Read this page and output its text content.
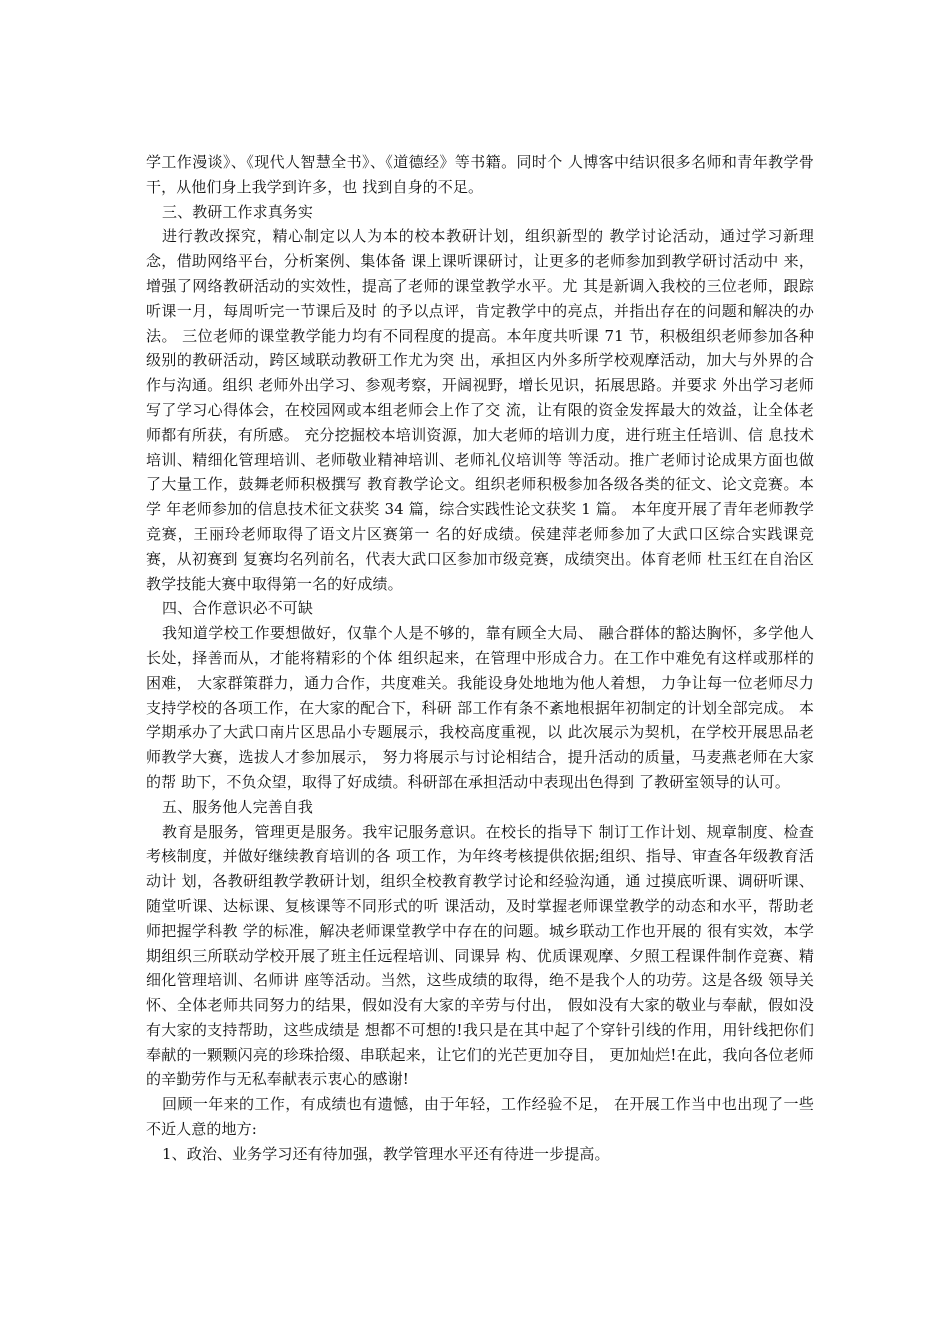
学工作漫谈》、《现代人智慧全书》、《道德经》等书籍。同时个 人博客中结识很多名师和青年教学骨干，从他们身上我学到许多，也 找到自身的不足。

三、教研工作求真务实

进行教改探究，精心制定以人为本的校本教研计划，组织新型的 教学讨论活动，通过学习新理念，借助网络平台，分析案例、集体备 课上课听课研讨，让更多的老师参加到教学研讨活动中 来，增强了网络教研活动的实效性，提高了老师的课堂教学水平。尤 其是新调入我校的三位老师，跟踪听课一月，每周听完一节课后及时 的予以点评，肯定教学中的亮点，并指出存在的问题和解决的办法。 三位老师的课堂教学能力均有不同程度的提高。本年度共听课 71 节，积极组织老师参加各种级别的教研活动，跨区域联动教研工作尤为突 出，承担区内外多所学校观摩活动，加大与外界的合作与沟通。组织 老师外出学习、参观考察，开阔视野，增长见识，拓展思路。并要求 外出学习老师写了学习心得体会，在校园网或本组老师会上作了交 流，让有限的资金发挥最大的效益，让全体老师都有所获，有所感。 充分挖掘校本培训资源，加大老师的培训力度，进行班主任培训、信 息技术培训、精细化管理培训、老师敬业精神培训、老师礼仪培训等 等活动。推广老师讨论成果方面也做了大量工作，鼓舞老师积极撰写 教育教学论文。组织老师积极参加各级各类的征文、论文竞赛。本学 年老师参加的信息技术征文获奖 34 篇，综合实践性论文获奖 1 篇。 本年度开展了青年老师教学竞赛，王丽玲老师取得了语文片区赛第一 名的好成绩。侯建萍老师参加了大武口区综合实践课竞赛，从初赛到 复赛均名列前名，代表大武口区参加市级竞赛，成绩突出。体育老师 杜玉红在自治区教学技能大赛中取得第一名的好成绩。

四、合作意识必不可缺

我知道学校工作要想做好，仅靠个人是不够的，靠有顾全大局、 融合群体的豁达胸怀，多学他人长处，择善而从，才能将精彩的个体 组织起来，在管理中形成合力。在工作中难免有这样或那样的困难， 大家群策群力，通力合作，共度难关。我能设身处地地为他人着想， 力争让每一位老师尽力支持学校的各项工作，在大家的配合下，科研 部工作有条不紊地根据年初制定的计划全部完成。 本学期承办了大武口南片区思品小专题展示，我校高度重视，以 此次展示为契机，在学校开展思品老师教学大赛，选拔人才参加展示， 努力将展示与讨论相结合，提升活动的质量，马麦燕老师在大家的帮 助下，不负众望，取得了好成绩。科研部在承担活动中表现出色得到 了教研室领导的认可。

五、服务他人完善自我

教育是服务，管理更是服务。我牢记服务意识。在校长的指导下 制订工作计划、规章制度、检查考核制度，并做好继续教育培训的各 项工作，为年终考核提供依据;组织、指导、审查各年级教育活动计 划，各教研组教学教研计划，组织全校教育教学讨论和经验沟通，通 过摸底听课、调研听课、随堂听课、达标课、复核课等不同形式的听 课活动，及时掌握老师课堂教学的动态和水平，帮助老师把握学科教 学的标准，解决老师课堂教学中存在的问题。城乡联动工作也开展的 很有实效，本学期组织三所联动学校开展了班主任远程培训、同课异 构、优质课观摩、夕照工程课件制作竞赛、精细化管理培训、名师讲 座等活动。当然，这些成绩的取得，绝不是我个人的功劳。这是各级 领导关怀、全体老师共同努力的结果，假如没有大家的辛劳与付出， 假如没有大家的敬业与奉献，假如没有大家的支持帮助，这些成绩是 想都不可想的!我只是在其中起了个穿针引线的作用，用针线把你们 奉献的一颗颗闪亮的珍珠拾缀、串联起来，让它们的光芒更加夺目， 更加灿烂!在此，我向各位老师的辛勤劳作与无私奉献表示衷心的感谢!

回顾一年来的工作，有成绩也有遗憾，由于年轻，工作经验不足， 在开展工作当中也出现了一些不近人意的地方:

1、政治、业务学习还有待加强，教学管理水平还有待进一步提高。
